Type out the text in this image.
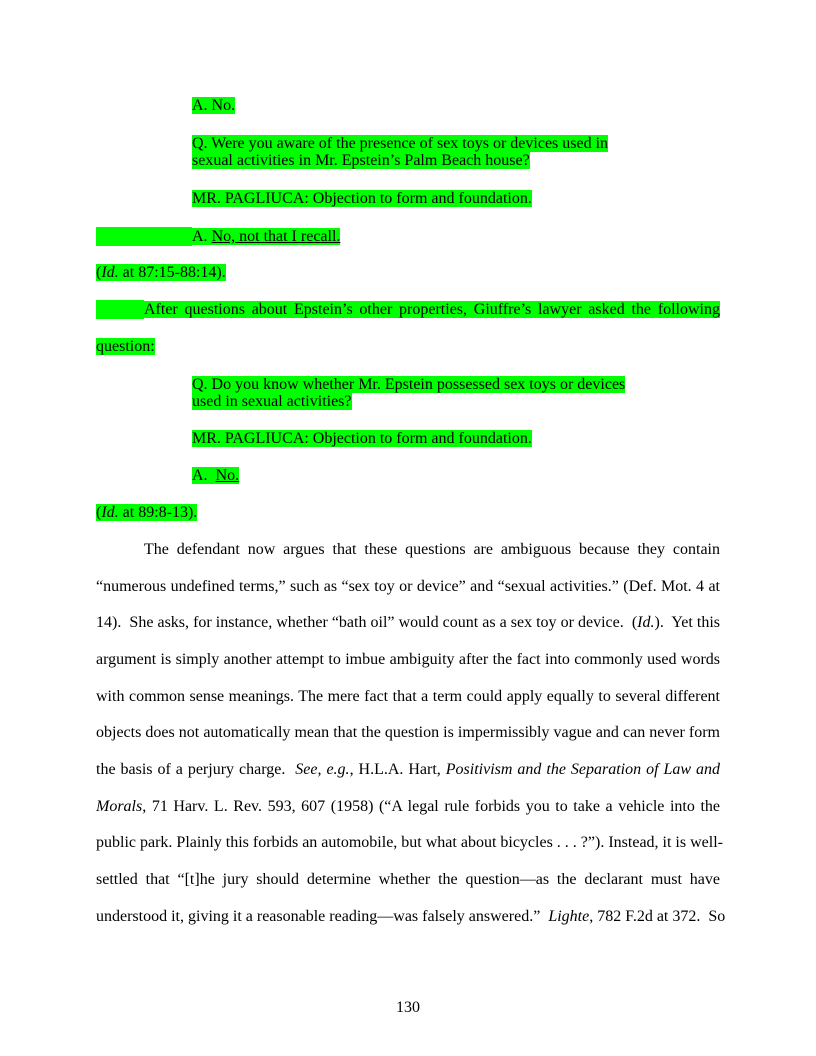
A. No.
Q. Were you aware of the presence of sex toys or devices used in
sexual activities in Mr. Epstein’s Palm Beach house?
MR. PAGLIUCA: Objection to form and foundation.
A. No, not that I recall.
(Id. at 87:15-88:14).
After questions about Epstein’s other properties, Giuffre’s lawyer asked the following
question:
Q. Do you know whether Mr. Epstein possessed sex toys or devices
used in sexual activities?
MR. PAGLIUCA: Objection to form and foundation.
A.  No.
(Id. at 89:8-13).
The defendant now argues that these questions are ambiguous because they contain
“numerous undefined terms,” such as “sex toy or device” and “sexual activities.” (Def. Mot. 4 at
14).  She asks, for instance, whether “bath oil” would count as a sex toy or device.  (Id.).  Yet this
argument is simply another attempt to imbue ambiguity after the fact into commonly used words
with common sense meanings. The mere fact that a term could apply equally to several different
objects does not automatically mean that the question is impermissibly vague and can never form
the basis of a perjury charge.  See, e.g., H.L.A. Hart, Positivism and the Separation of Law and
Morals, 71 Harv. L. Rev. 593, 607 (1958) (“A legal rule forbids you to take a vehicle into the
public park. Plainly this forbids an automobile, but what about bicycles . . . ?”). Instead, it is well-
settled that “[t]he jury should determine whether the question—as the declarant must have
understood it, giving it a reasonable reading—was falsely answered.”  Lighte, 782 F.2d at 372.  So
130
